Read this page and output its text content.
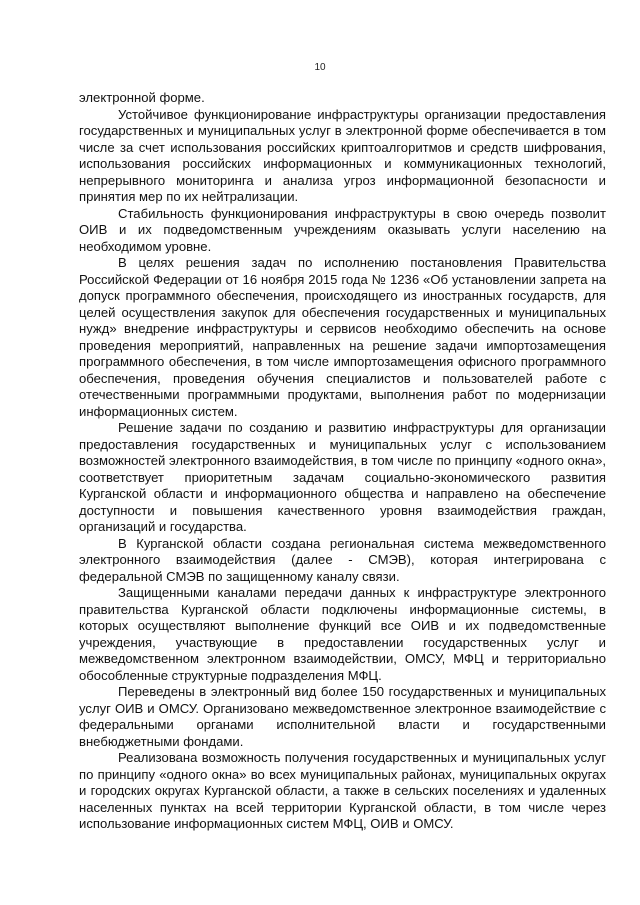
10

электронной форме.

Устойчивое функционирование инфраструктуры организации предоставления государственных и муниципальных услуг в электронной форме обеспечивается в том числе за счет использования российских криптоалгоритмов и средств шифрования, использования российских информационных и коммуникационных технологий, непрерывного мониторинга и анализа угроз информационной безопасности и принятия мер по их нейтрализации.

Стабильность функционирования инфраструктуры в свою очередь позволит ОИВ и их подведомственным учреждениям оказывать услуги населению на необходимом уровне.

В целях решения задач по исполнению постановления Правительства Российской Федерации от 16 ноября 2015 года № 1236 «Об установлении запрета на допуск программного обеспечения, происходящего из иностранных государств, для целей осуществления закупок для обеспечения государственных и муниципальных нужд» внедрение инфраструктуры и сервисов необходимо обеспечить на основе проведения мероприятий, направленных на решение задачи импортозамещения программного обеспечения, в том числе импортозамещения офисного программного обеспечения, проведения обучения специалистов и пользователей работе с отечественными программными продуктами, выполнения работ по модернизации информационных систем.

Решение задачи по созданию и развитию инфраструктуры для организации предоставления государственных и муниципальных услуг с использованием возможностей электронного взаимодействия, в том числе по принципу «одного окна», соответствует приоритетным задачам социально-экономического развития Курганской области и информационного общества и направлено на обеспечение доступности и повышения качественного уровня взаимодействия граждан, организаций и государства.

В Курганской области создана региональная система межведомственного электронного взаимодействия (далее - СМЭВ), которая интегрирована с федеральной СМЭВ по защищенному каналу связи.

Защищенными каналами передачи данных к инфраструктуре электронного правительства Курганской области подключены информационные системы, в которых осуществляют выполнение функций все ОИВ и их подведомственные учреждения, участвующие в предоставлении государственных услуг и межведомственном электронном взаимодействии, ОМСУ, МФЦ и территориально обособленные структурные подразделения МФЦ.

Переведены в электронный вид более 150 государственных и муниципальных услуг ОИВ и ОМСУ. Организовано межведомственное электронное взаимодействие с федеральными органами исполнительной власти и государственными внебюджетными фондами.

Реализована возможность получения государственных и муниципальных услуг по принципу «одного окна» во всех муниципальных районах, муниципальных округах и городских округах Курганской области, а также в сельских поселениях и удаленных населенных пунктах на всей территории Курганской области, в том числе через использование информационных систем МФЦ, ОИВ и ОМСУ.
